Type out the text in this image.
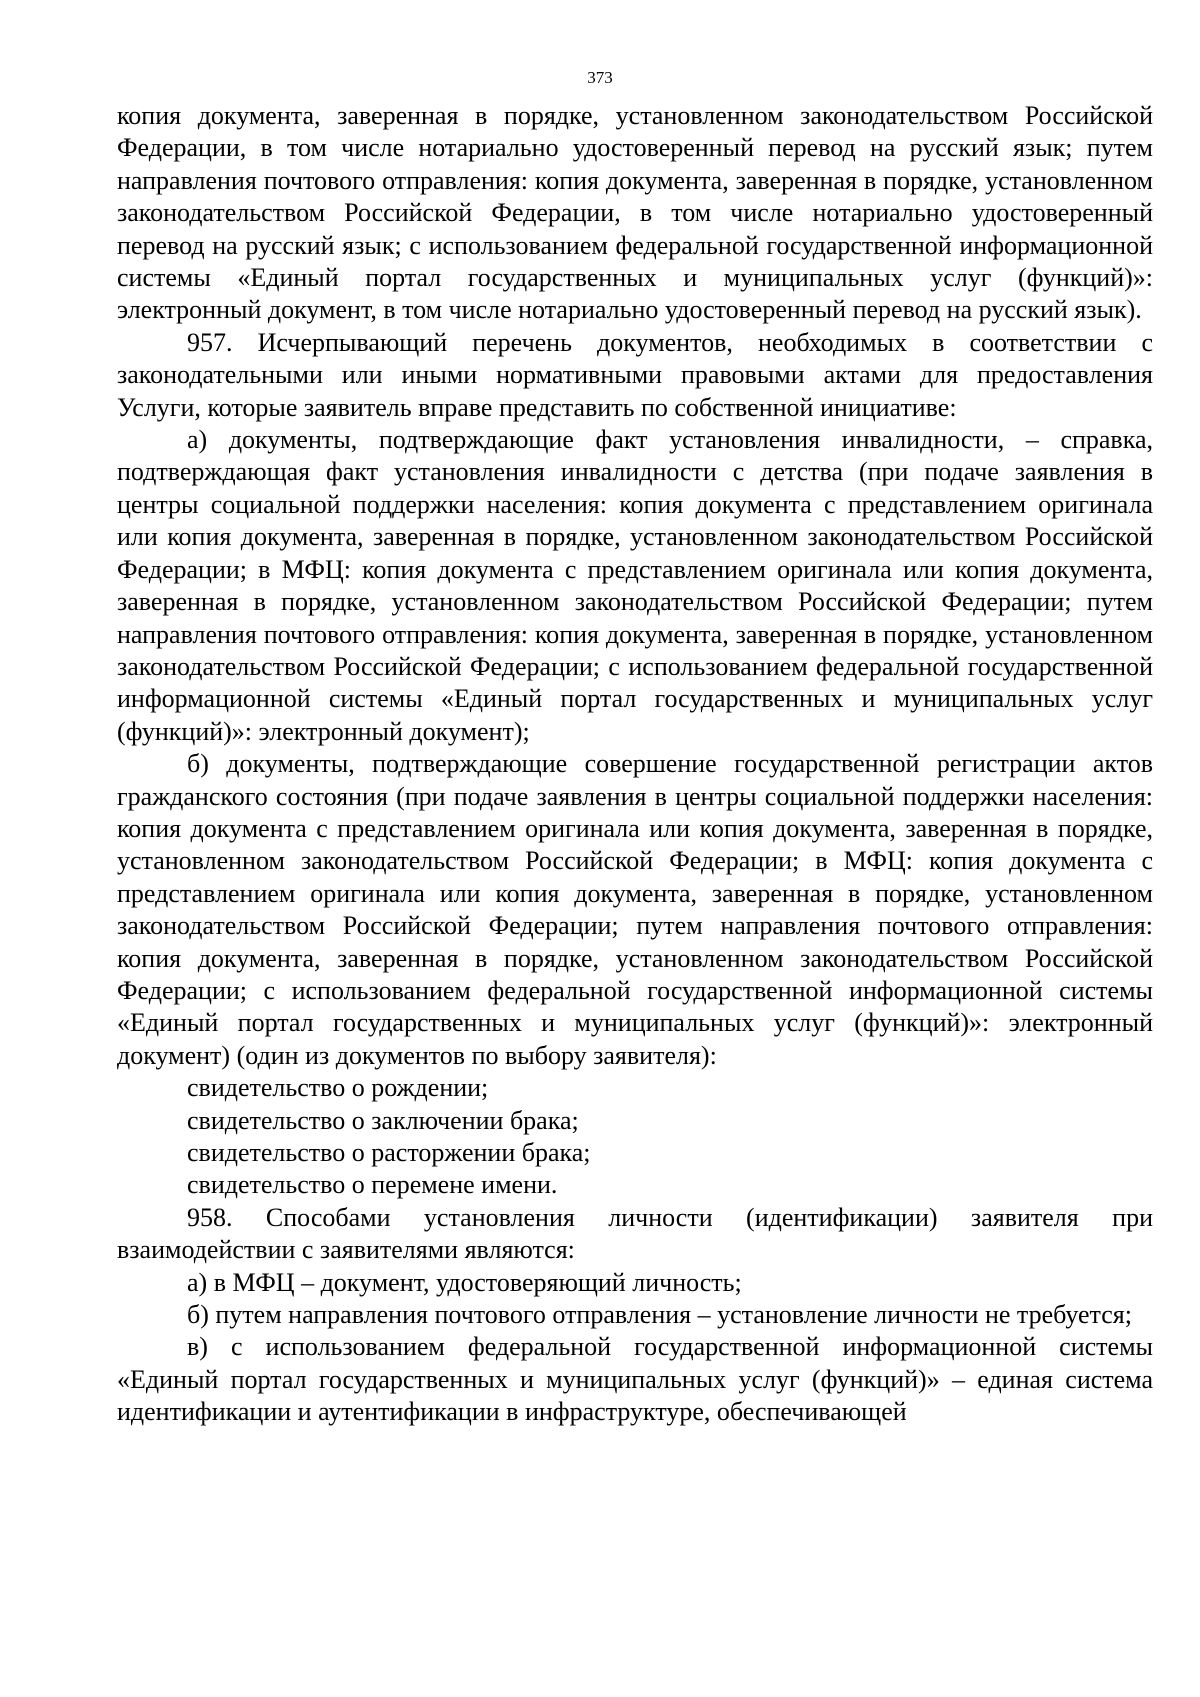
373

копия документа, заверенная в порядке, установленном законодательством Российской Федерации, в том числе нотариально удостоверенный перевод на русский язык; путем направления почтового отправления: копия документа, заверенная в порядке, установленном законодательством Российской Федерации, в том числе нотариально удостоверенный перевод на русский язык; с использованием федеральной государственной информационной системы «Единый портал государственных и муниципальных услуг (функций)»: электронный документ, в том числе нотариально удостоверенный перевод на русский язык).

957. Исчерпывающий перечень документов, необходимых в соответствии с законодательными или иными нормативными правовыми актами для предоставления Услуги, которые заявитель вправе представить по собственной инициативе:

а) документы, подтверждающие факт установления инвалидности, – справка, подтверждающая факт установления инвалидности с детства (при подаче заявления в центры социальной поддержки населения: копия документа с представлением оригинала или копия документа, заверенная в порядке, установленном законодательством Российской Федерации; в МФЦ: копия документа с представлением оригинала или копия документа, заверенная в порядке, установленном законодательством Российской Федерации; путем направления почтового отправления: копия документа, заверенная в порядке, установленном законодательством Российской Федерации; с использованием федеральной государственной информационной системы «Единый портал государственных и муниципальных услуг (функций)»: электронный документ);

б) документы, подтверждающие совершение государственной регистрации актов гражданского состояния (при подаче заявления в центры социальной поддержки населения: копия документа с представлением оригинала или копия документа, заверенная в порядке, установленном законодательством Российской Федерации; в МФЦ: копия документа с представлением оригинала или копия документа, заверенная в порядке, установленном законодательством Российской Федерации; путем направления почтового отправления: копия документа, заверенная в порядке, установленном законодательством Российской Федерации; с использованием федеральной государственной информационной системы «Единый портал государственных и муниципальных услуг (функций)»: электронный документ) (один из документов по выбору заявителя):

свидетельство о рождении;

свидетельство о заключении брака;

свидетельство о расторжении брака;

свидетельство о перемене имени.

958. Способами установления личности (идентификации) заявителя при взаимодействии с заявителями являются:

а) в МФЦ – документ, удостоверяющий личность;

б) путем направления почтового отправления – установление личности не требуется;

в) с использованием федеральной государственной информационной системы «Единый портал государственных и муниципальных услуг (функций)» – единая система идентификации и аутентификации в инфраструктуре, обеспечивающей
